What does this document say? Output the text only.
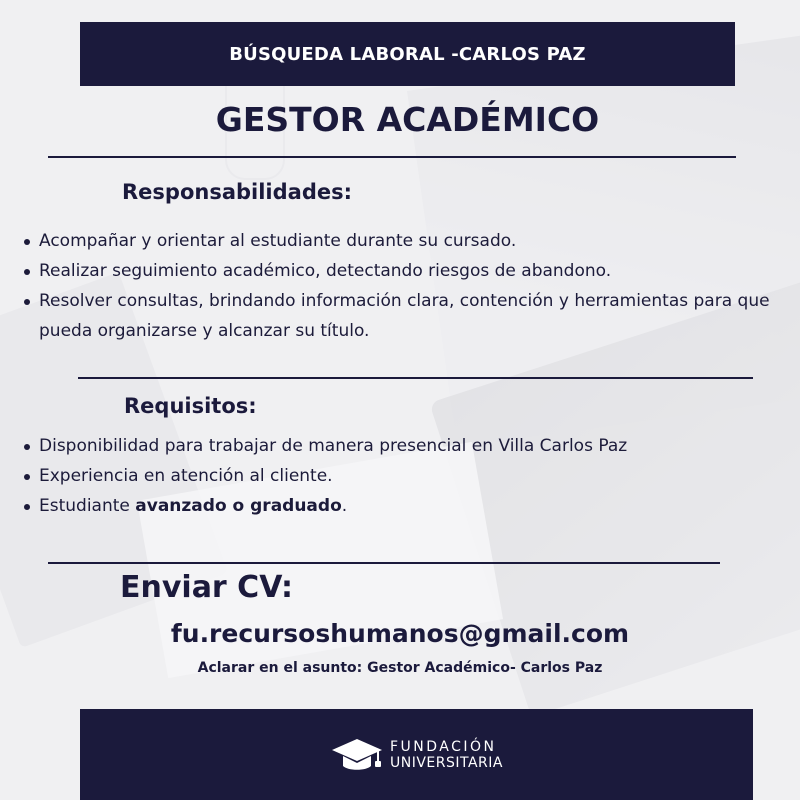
BÚSQUEDA LABORAL -CARLOS PAZ
GESTOR ACADÉMICO
Responsabilidades:
Acompañar y orientar al estudiante durante su cursado.
Realizar seguimiento académico, detectando riesgos de abandono.
Resolver consultas, brindando información clara, contención y herramientas para que pueda organizarse y alcanzar su título.
Requisitos:
Disponibilidad para trabajar de manera presencial en Villa Carlos Paz
Experiencia en atención al cliente.
Estudiante avanzado o graduado.
Enviar CV:
fu.recursoshumanos@gmail.com
Aclarar en el asunto: Gestor Académico- Carlos Paz
FUNDACIÓN
UNIVERSITARIA
